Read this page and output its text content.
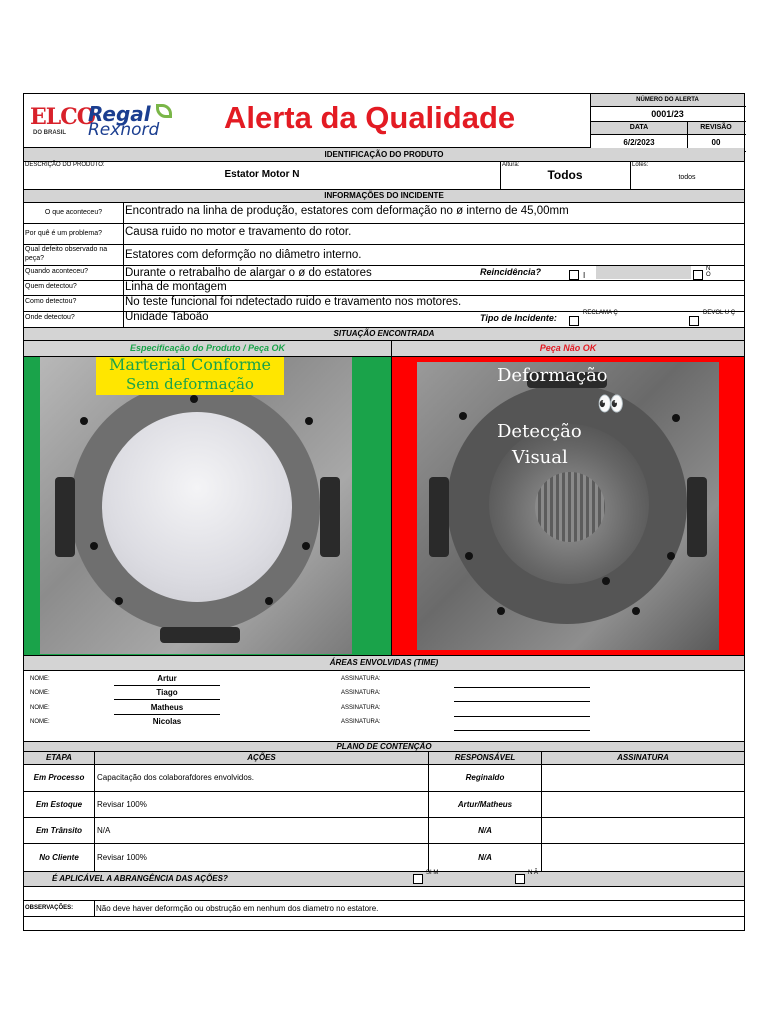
ELCO
DO BRASIL
Regal
Rexnord Alerta da Qualidade	NÚMERO DO ALERTA
0001/23
DATA	REVISÃO
6/2/2023	00
IDENTIFICAÇÃO DO PRODUTO
DESCRIÇÃO DO PRODUTO:
Estator Motor N
Altura:
Todos
Lotes:
todos
INFORMAÇÕES DO INCIDENTE
O que aconteceu?	Encontrado na linha de produção, estatores com deformação no ø interno de 45,00mm
Por quê é um problema?	Causa ruido no motor e travamento do rotor.
Qual defeito observado na peça?	Estatores com deformção no diâmetro interno.
Quando aconteceu?	Durante o retrabalho de alargar o ø do estatores	Reincidência?	I
N O
Quem detectou?	Linha de montagem
Como detectou?	No teste funcional foi ndetectado ruido e travamento nos motores.
Onde detectou?	Unidade Taboão	Tipo de Incidente:	RECLAMA Ç	DEVOL U Ç
SITUAÇÃO ENCONTRADA
Especificação do Produto / Peça OK	Peça Não OK
Marterial Conforme
Sem deformação	Deformação
👀
Detecção
Visual
ÁREAS ENVOLVIDAS (TIME)
NOME:	Artur	ASSINATURA:
NOME:	Tiago	ASSINATURA:
NOME:	Matheus	ASSINATURA:
NOME:	Nicolas	ASSINATURA:
PLANO DE CONTENÇÃO
ETAPA	AÇÕES	RESPONSÁVEL	ASSINATURA
Em Processo	Capacitação dos colaborafdores envolvidos.	Reginaldo
Em Estoque	Revisar 100%	Artur/Matheus
Em Trânsito	N/A	N/A
No Cliente	Revisar 100%	N/A
É APLICÁVEL A ABRANGÊNCIA DAS AÇÕES?
SI M	N Ã
OBSERVAÇÕES:	Não deve haver deformção ou obstrução em nenhum dos diametro no estatore.
